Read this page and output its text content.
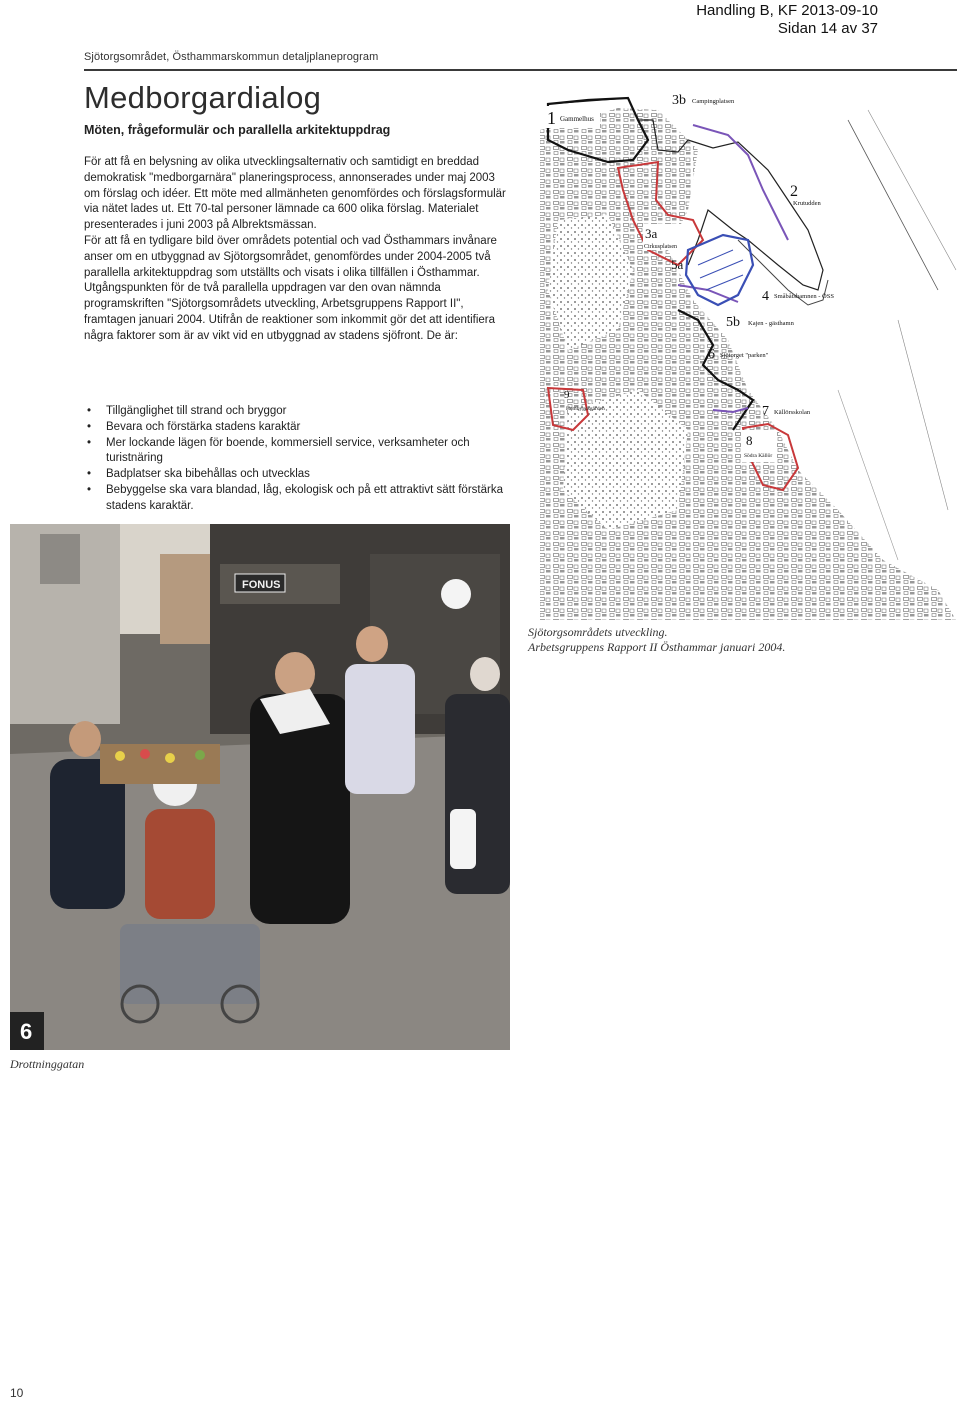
Handling B, KF 2013-09-10
Sidan 14 av 37
Sjötorgsområdet, Östhammarskommun detaljplaneprogram
Medborgardialog
Möten, frågeformulär och parallella arkitektuppdrag

För att få en belysning av olika utvecklingsalternativ och samtidigt en breddad demokratisk "medborgarnära" planeringsprocess, annonserades under maj 2003 om förslag och idéer. Ett möte med allmänheten genomfördes och förslagsformulär via nätet lades ut. Ett 70-tal personer lämnade ca 600 olika förslag. Materialet presenterades i juni 2003 på Albrektsmässan.

För att få en tydligare bild över områdets potential och vad Östhammars invånare anser om en utbyggnad av Sjötorgsområdet, genomfördes under 2004-2005 två parallella arkitektuppdrag som utställts och visats i olika tillfällen i Östhammar.

Utgångspunkten för de två parallella uppdragen var den ovan nämnda programskriften "Sjötorgsområdets utveckling, Arbetsgruppens Rapport II", framtagen januari 2004. Utifrån de reaktioner som inkommit gör det att identifiera några faktorer som är av vikt vid en utbyggnad av stadens sjöfront. De är:

• Tillgänglighet till strand och bryggor
• Bevara och förstärka stadens karaktär
• Mer lockande lägen för boende, kommersiell service, verksamheter och turistnäring
• Badplatser ska bibehållas och utvecklas
• Bebyggelse ska vara blandad, låg, ekologisk och på ett attraktivt sätt förstärka stadens karaktär.
1 Gammelhus
3b Campingplatsen
2
Krutudden
3a
Cirkusplatsen
5a
4 Småbåtshamnen - ÖSS
5b Kajen - gästhamn
6 Sjötorget "parken"
9
Hembygdsgården	7 Källörsskolan
8
Södra Källör
Sjötorgsområdets utveckling.
Arbetsgruppens Rapport II Östhammar januari 2004.
FONUS
6
Drottninggatan
10
